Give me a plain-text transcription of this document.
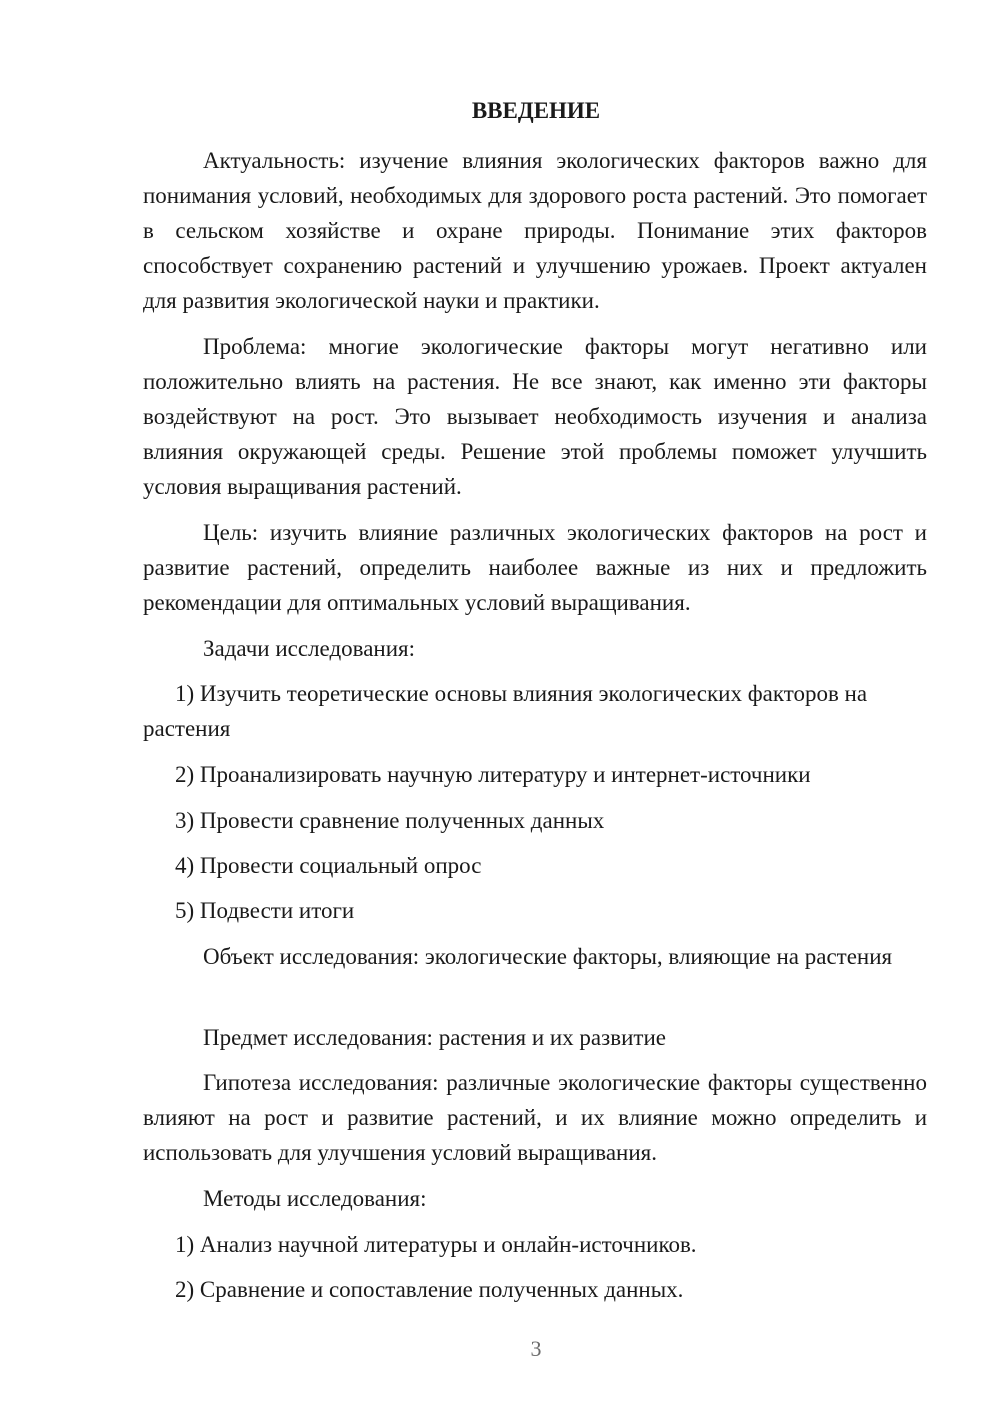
ВВЕДЕНИЕ

Актуальность: изучение влияния экологических факторов важно для понимания условий, необходимых для здорового роста растений. Это помогает в сельском хозяйстве и охране природы. Понимание этих факторов способствует сохранению растений и улучшению урожаев. Проект актуален для развития экологической науки и практики.

Проблема: многие экологические факторы могут негативно или положительно влиять на растения. Не все знают, как именно эти факторы воздействуют на рост. Это вызывает необходимость изучения и анализа влияния окружающей среды. Решение этой проблемы поможет улучшить условия выращивания растений.

Цель: изучить влияние различных экологических факторов на рост и развитие растений, определить наиболее важные из них и предложить рекомендации для оптимальных условий выращивания.

Задачи исследования:

1) Изучить теоретические основы влияния экологических факторов на растения

2) Проанализировать научную литературу и интернет-источники

3) Провести сравнение полученных данных

4) Провести социальный опрос

5) Подвести итоги

Объект исследования: экологические факторы, влияющие на растения

Предмет исследования: растения и их развитие

Гипотеза исследования: различные экологические факторы существенно влияют на рост и развитие растений, и их влияние можно определить и использовать для улучшения условий выращивания.

Методы исследования:

1) Анализ научной литературы и онлайн-источников.

2) Сравнение и сопоставление полученных данных.

3
